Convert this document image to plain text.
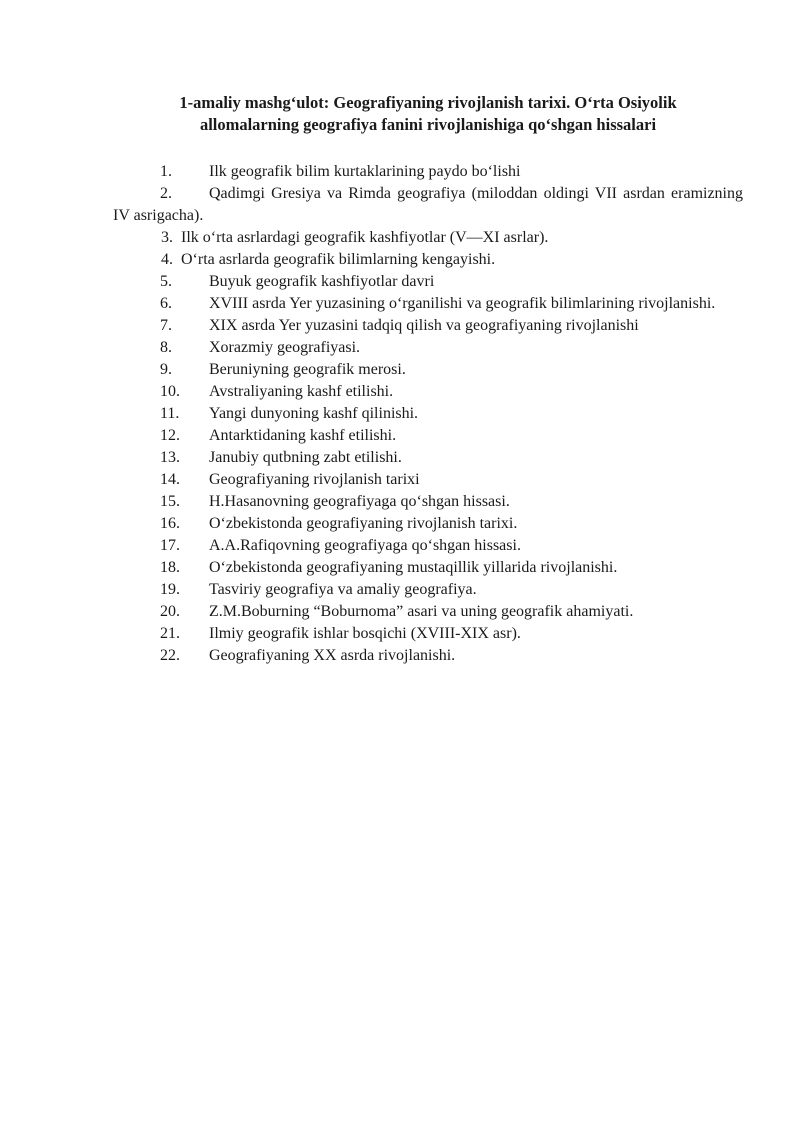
1-amaliy mashg‘ulot: Geografiyaning rivojlanish tarixi. O‘rta Osiyolik
allomalarning geografiya fanini rivojlanishiga qo‘shgan hissalari
1.	Ilk geografik bilim kurtaklarining paydo bo‘lishi
2.	Qadimgi Gresiya va Rimda geografiya (miloddan oldingi VII asrdan eramizning IV asrigacha).
3. Ilk o‘rta asrlardagi geografik kashfiyotlar (V—XI asrlar).
4. O‘rta asrlarda geografik bilimlarning kengayishi.
5.	Buyuk geografik kashfiyotlar davri
6.	XVIII asrda Yer yuzasining o‘rganilishi va geografik bilimlarining rivojlanishi.
7.	XIX asrda Yer yuzasini tadqiq qilish va geografiyaning rivojlanishi
8.	Xorazmiy geografiyasi.
9.	Beruniyning geografik merosi.
10.	Avstraliyaning kashf etilishi.
11.	Yangi dunyoning kashf qilinishi.
12.	Antarktidaning kashf etilishi.
13.	Janubiy qutbning zabt etilishi.
14.	Geografiyaning rivojlanish tarixi
15.	H.Hasanovning geografiyaga qo‘shgan hissasi.
16.	O‘zbekistonda geografiyaning rivojlanish tarixi.
17.	A.A.Rafiqovning geografiyaga qo‘shgan hissasi.
18.	O‘zbekistonda geografiyaning mustaqillik yillarida rivojlanishi.
19.	Tasviriy geografiya va amaliy geografiya.
20.	Z.M.Boburning “Boburnoma” asari va uning geografik ahamiyati.
21.	Ilmiy geografik ishlar bosqichi (XVIII-XIX asr).
22.	Geografiyaning XX asrda rivojlanishi.
